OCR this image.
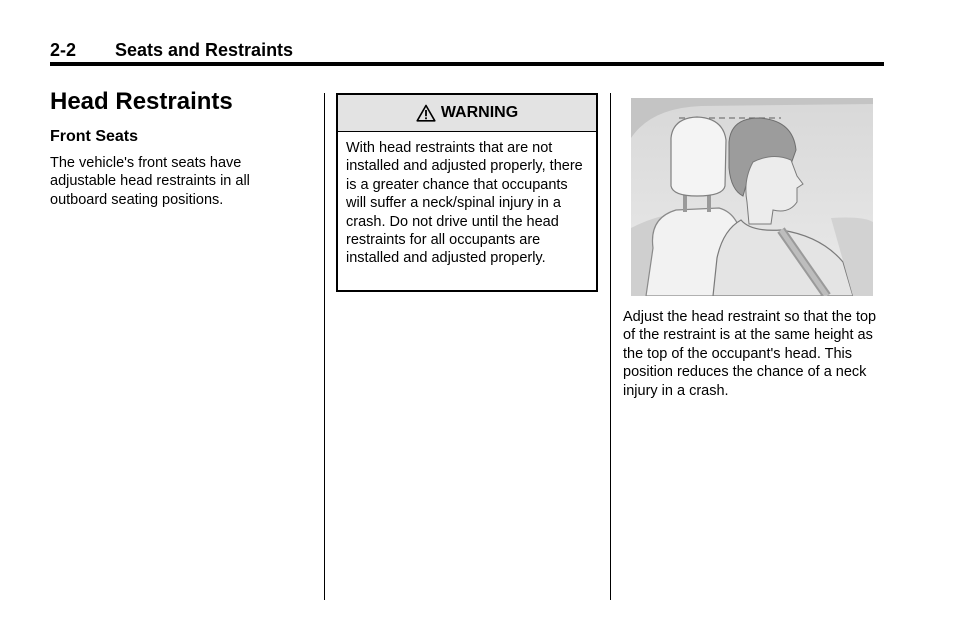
2-2 Seats and Restraints
Head Restraints
Front Seats

The vehicle's front seats have adjustable head restraints in all outboard seating positions.

WARNING

With head restraints that are not installed and adjusted properly, there is a greater chance that occupants will suffer a neck/spinal injury in a crash. Do not drive until the head restraints for all occupants are installed and adjusted properly.

Adjust the head restraint so that the top of the restraint is at the same height as the top of the occupant's head. This position reduces the chance of a neck injury in a crash.
